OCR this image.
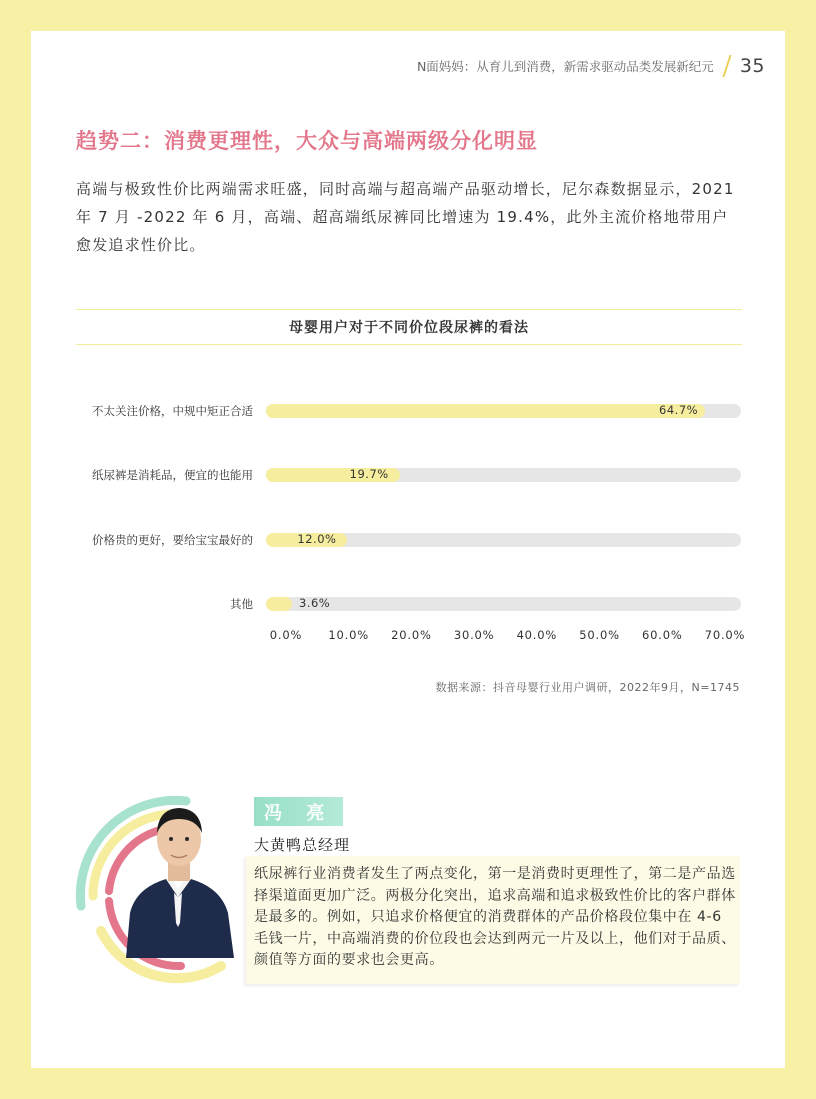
N面妈妈：从育儿到消费，新需求驱动品类发展新纪元 35
趋势二：消费更理性，大众与高端两级分化明显
高端与极致性价比两端需求旺盛，同时高端与超高端产品驱动增长，尼尔森数据显示，2021 年 7 月 -2022 年 6 月，高端、超高端纸尿裤同比增速为 19.4%，此外主流价格地带用户愈发追求性价比。
母婴用户对于不同价位段尿裤的看法
不太关注价格，中规中矩正合适	64.7%
纸尿裤是消耗品，便宜的也能用	19.7%
价格贵的更好，要给宝宝最好的	12.0%
其他	3.6%
0.0% 10.0% 20.0% 30.0% 40.0% 50.0% 60.0% 70.0%
数据来源：抖音母婴行业用户调研，2022年9月，N=1745
冯 亮
大黄鸭总经理
纸尿裤行业消费者发生了两点变化，第一是消费时更理性了，第二是产品选择渠道面更加广泛。两极分化突出，追求高端和追求极致性价比的客户群体是最多的。例如，只追求价格便宜的消费群体的产品价格段位集中在 4-6 毛钱一片，中高端消费的价位段也会达到两元一片及以上，他们对于品质、颜值等方面的要求也会更高。
